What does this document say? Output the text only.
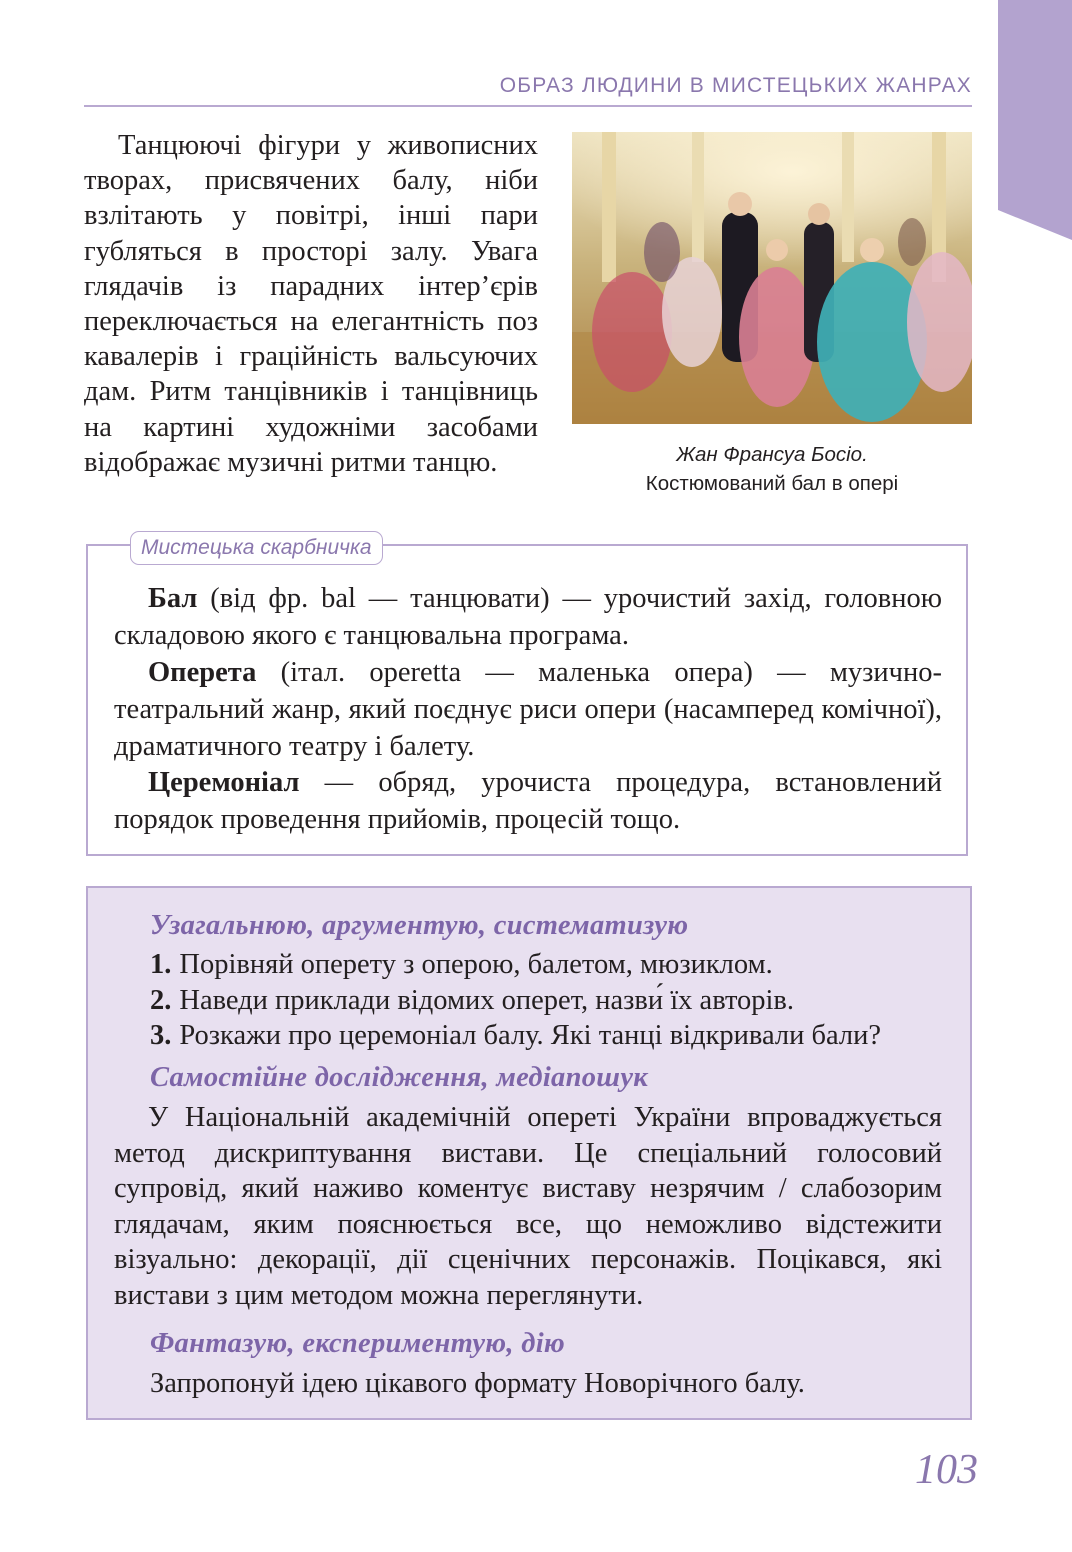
ОБРАЗ ЛЮДИНИ В МИСТЕЦЬКИХ ЖАНРАХ

Танцюючі фігури у живописних творах, присвячених балу, ніби взлітають у повітрі, інші пари губляться в просторі залу. Увага глядачів із парадних інтер’єрів переключається на елегантність поз кавалерів і граційність вальсуючих дам. Ритм танцівників і танцівниць на картині художніми засобами відображає музичні ритми танцю.	Жан Франсуа Босіо.
Костюмований бал в опері
Мистецька скарбничка

Бал (від фр. bal — танцювати) — урочистий захід, головною складовою якого є танцювальна програма.

Оперета (італ. operetta — маленька опера) — музично-театральний жанр, який поєднує риси опери (насамперед комічної), драматичного театру і балету.

Церемоніал — обряд, урочиста процедура, встановлений порядок проведення прийомів, процесій тощо.

Узагальнюю, аргументую, систематизую

1. Порівняй оперету з оперою, балетом, мюзиклом.

2. Наведи приклади відомих оперет, назви́ їх авторів.

3. Розкажи про церемоніал балу. Які танці відкривали бали?

Самостійне дослідження, медіапошук

У Національній академічній опереті України впроваджується метод дискриптування вистави. Це спеціальний голосовий супровід, який наживо коментує виставу незрячим / слабозорим глядачам, яким пояснюється все, що неможливо відстежити візуально: декорації, дії сценічних персонажів. Поцікався, які вистави з цим методом можна переглянути.

Фантазую, експериментую, дію

Запропонуй ідею цікавого формату Новорічного балу.

103
